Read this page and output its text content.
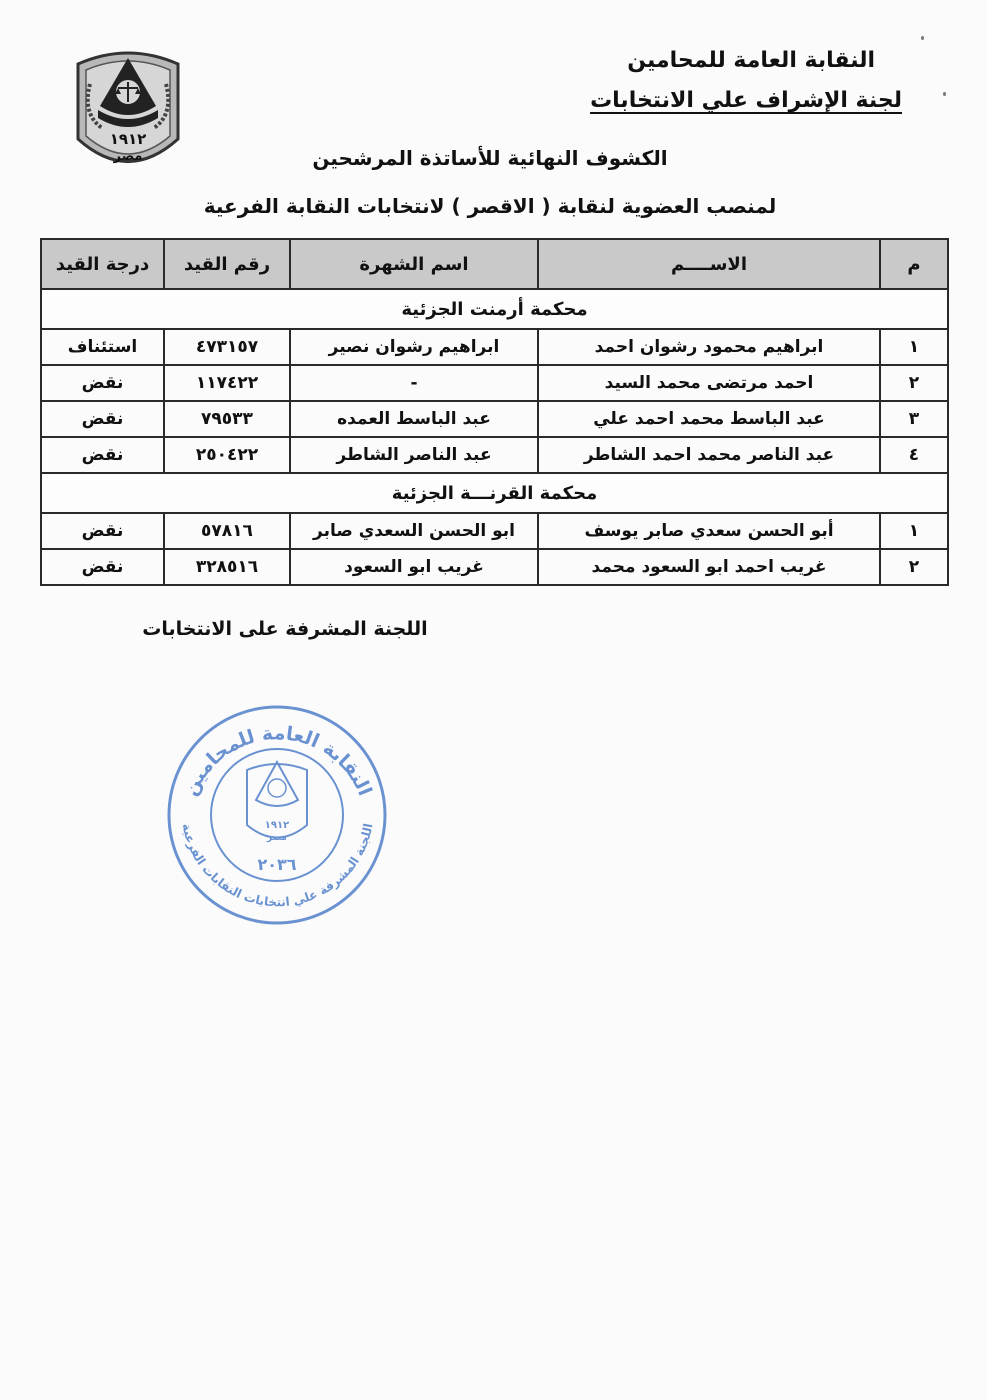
١٩١٢
مصر
النقابة العامة للمحامين
لجنة الإشراف علي الانتخابات
الكشوف النهائية للأساتذة المرشحين
لمنصب العضوية لنقابة ( الاقصر ) لانتخابات النقابة الفرعية
م	الاســــم	اسم الشهرة	رقم القيد	درجة القيد
محكمة أرمنت الجزئية				
١	ابراهيم محمود رشوان احمد	ابراهيم رشوان نصير	٤٧٣١٥٧	استئناف
٢	احمد مرتضى محمد السيد	-	١١٧٤٢٢	نقض
٣	عبد الباسط محمد احمد علي	عبد الباسط العمده	٧٩٥٣٣	نقض
٤	عبد الناصر محمد احمد الشاطر	عبد الناصر الشاطر	٢٥٠٤٢٢	نقض
محكمة القرنـــة الجزئية				
١	أبو الحسن سعدي صابر يوسف	ابو الحسن السعدي صابر	٥٧٨١٦	نقض
٢	غريب احمد ابو السعود محمد	غريب ابو السعود	٣٢٨٥١٦	نقض
اللجنة المشرفة على الانتخابات
النقابة العامة للمحامين
اللجنة المشرفة علي انتخابات النقابات الفرعية
١٩١٢
مصر
٢٠٣٦
